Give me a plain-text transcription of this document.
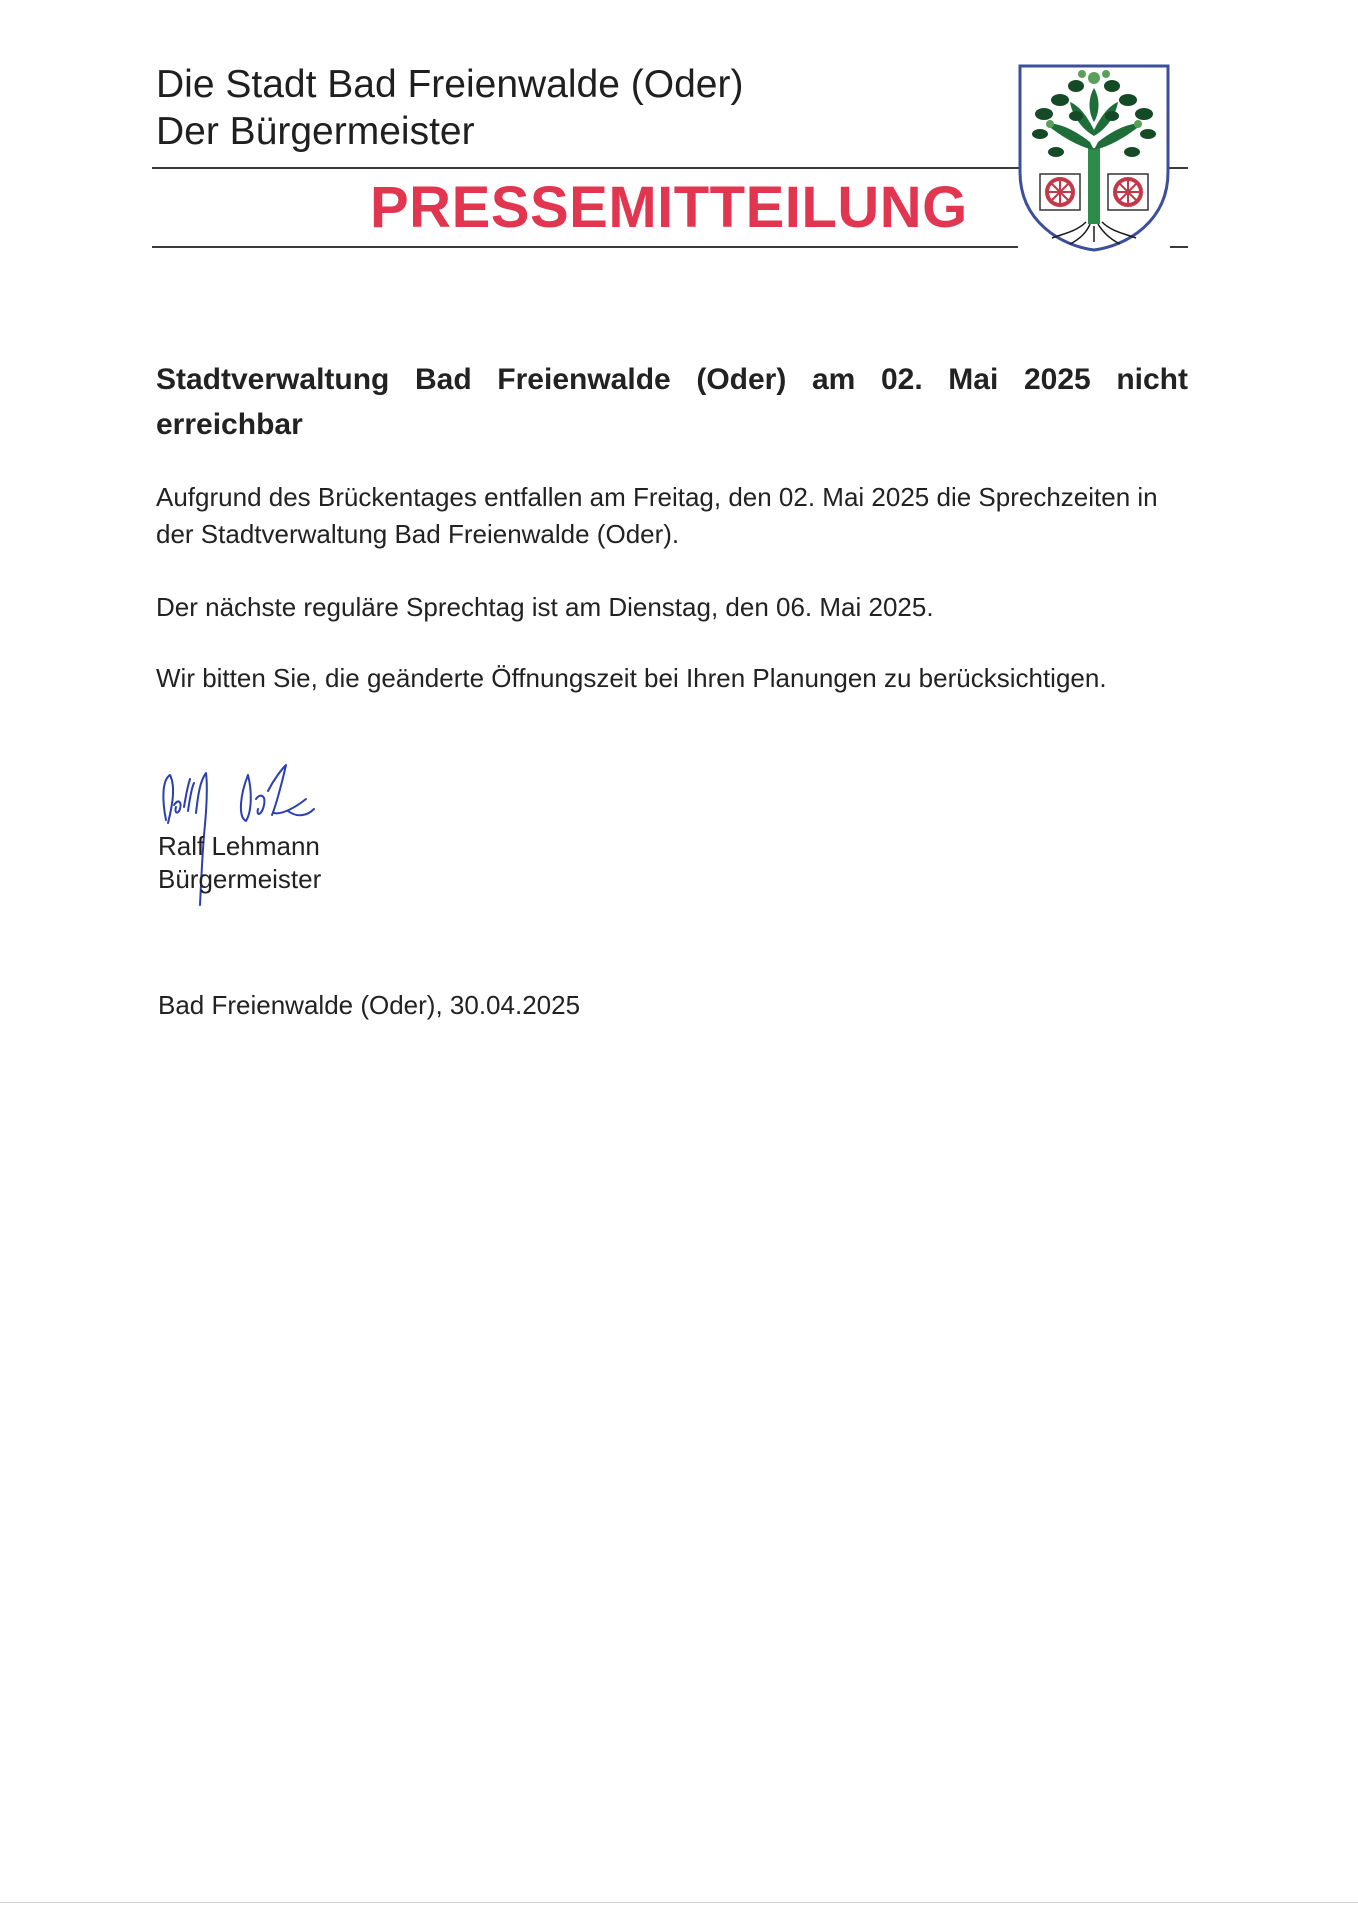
Die Stadt Bad Freienwalde (Oder)
Der Bürgermeister
PRESSEMITTEILUNG
Stadtverwaltung Bad Freienwalde (Oder) am 02. Mai 2025 nicht erreichbar
Aufgrund des Brückentages entfallen am Freitag, den 02. Mai 2025 die Sprechzeiten in der Stadtverwaltung Bad Freienwalde (Oder).
Der nächste reguläre Sprechtag ist am Dienstag, den 06. Mai 2025.
Wir bitten Sie, die geänderte Öffnungszeit bei Ihren Planungen zu berücksichtigen.
Ralf Lehmann
Bürgermeister
Bad Freienwalde (Oder), 30.04.2025
